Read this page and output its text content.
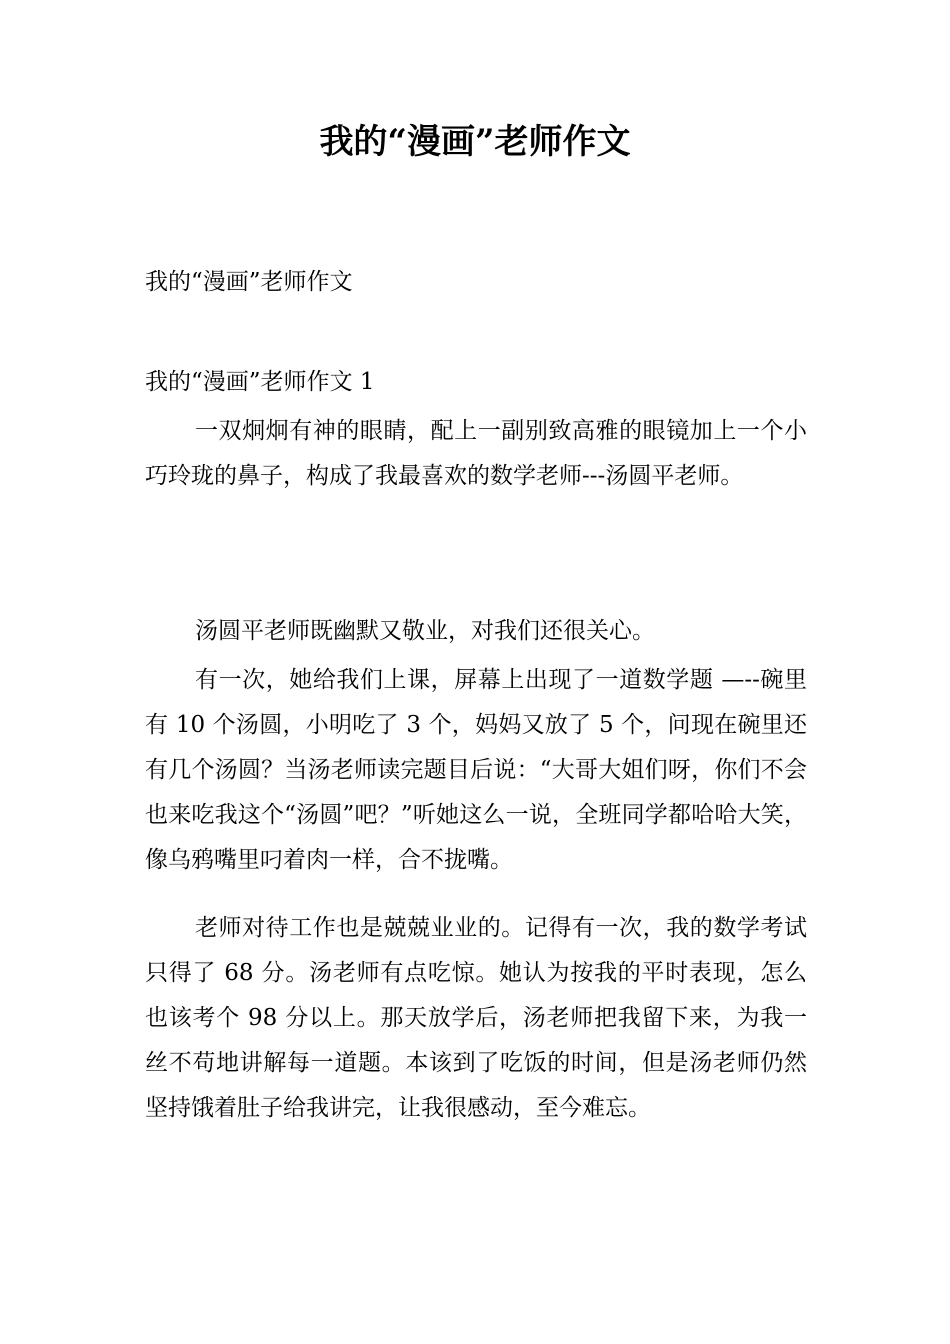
我的“漫画”老师作文
我的“漫画”老师作文
我的“漫画”老师作文 1

一双炯炯有神的眼睛，配上一副别致高雅的眼镜加上一个小巧玲珑的鼻子，构成了我最喜欢的数学老师---汤圆平老师。

汤圆平老师既幽默又敬业，对我们还很关心。

有一次，她给我们上课，屏幕上出现了一道数学题 —--碗里有 10 个汤圆，小明吃了 3 个，妈妈又放了 5 个，问现在碗里还有几个汤圆？当汤老师读完题目后说：“大哥大姐们呀，你们不会也来吃我这个“汤圆”吧？”听她这么一说，全班同学都哈哈大笑，像乌鸦嘴里叼着肉一样，合不拢嘴。

老师对待工作也是兢兢业业的。记得有一次，我的数学考试只得了 68 分。汤老师有点吃惊。她认为按我的平时表现，怎么也该考个 98 分以上。那天放学后，汤老师把我留下来，为我一丝不苟地讲解每一道题。本该到了吃饭的时间，但是汤老师仍然坚持饿着肚子给我讲完，让我很感动，至今难忘。
